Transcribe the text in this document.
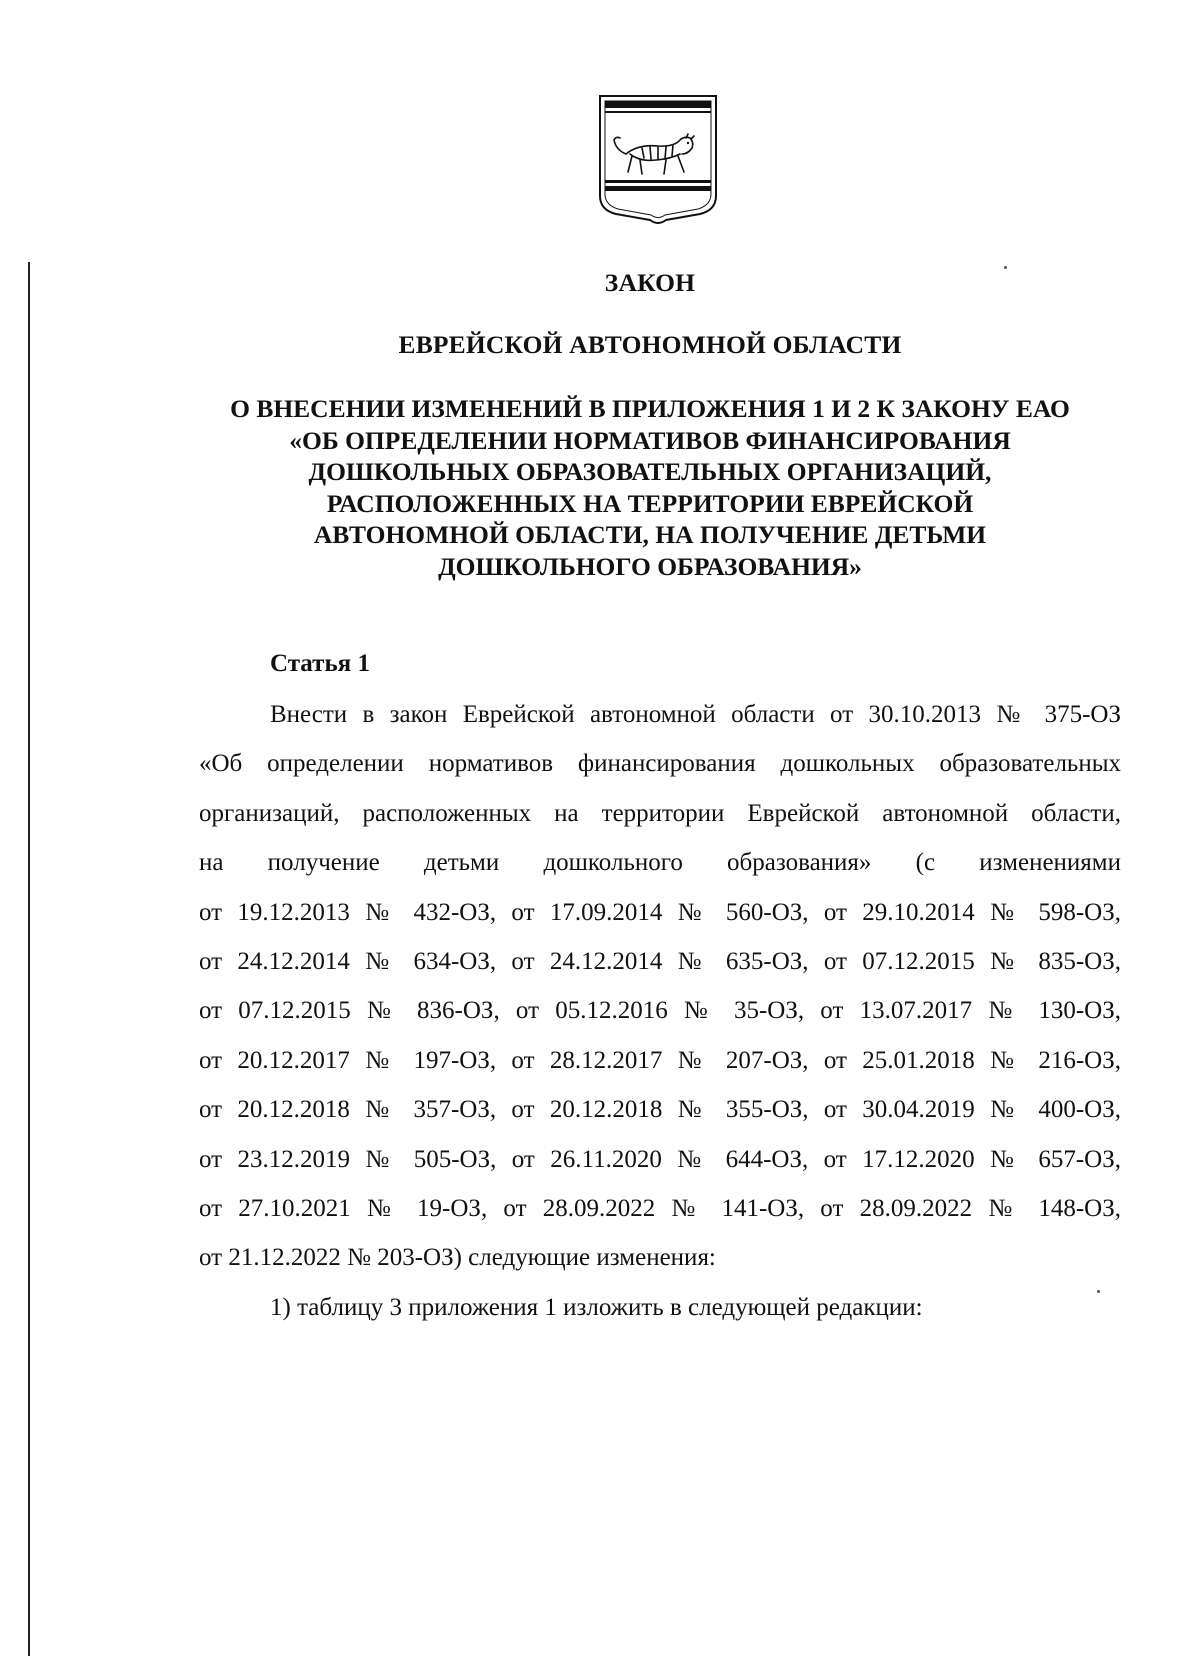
ЗАКОН
ЕВРЕЙСКОЙ АВТОНОМНОЙ ОБЛАСТИ
О ВНЕСЕНИИ ИЗМЕНЕНИЙ В ПРИЛОЖЕНИЯ 1 И 2 К ЗАКОНУ ЕАО
«ОБ ОПРЕДЕЛЕНИИ НОРМАТИВОВ ФИНАНСИРОВАНИЯ
ДОШКОЛЬНЫХ ОБРАЗОВАТЕЛЬНЫХ ОРГАНИЗАЦИЙ,
РАСПОЛОЖЕННЫХ НА ТЕРРИТОРИИ ЕВРЕЙСКОЙ
АВТОНОМНОЙ ОБЛАСТИ, НА ПОЛУЧЕНИЕ ДЕТЬМИ
ДОШКОЛЬНОГО ОБРАЗОВАНИЯ»
Статья 1
Внести в закон Еврейской автономной области от 30.10.2013 № 375-ОЗ
«Об определении нормативов финансирования дошкольных образовательных
организаций, расположенных на территории Еврейской автономной области,
на получение детьми дошкольного образования» (с изменениями
от 19.12.2013 № 432-ОЗ, от 17.09.2014 № 560-ОЗ, от 29.10.2014 № 598-ОЗ,
от 24.12.2014 № 634-ОЗ, от 24.12.2014 № 635-ОЗ, от 07.12.2015 № 835-ОЗ,
от 07.12.2015 № 836-ОЗ, от 05.12.2016 № 35-ОЗ, от 13.07.2017 № 130-ОЗ,
от 20.12.2017 № 197-ОЗ, от 28.12.2017 № 207-ОЗ, от 25.01.2018 № 216-ОЗ,
от 20.12.2018 № 357-ОЗ, от 20.12.2018 № 355-ОЗ, от 30.04.2019 № 400-ОЗ,
от 23.12.2019 № 505-ОЗ, от 26.11.2020 № 644-ОЗ, от 17.12.2020 № 657-ОЗ,
от 27.10.2021 № 19-ОЗ, от 28.09.2022 № 141-ОЗ, от 28.09.2022 № 148-ОЗ,
от 21.12.2022 № 203-ОЗ) следующие изменения:
1) таблицу 3 приложения 1 изложить в следующей редакции:
